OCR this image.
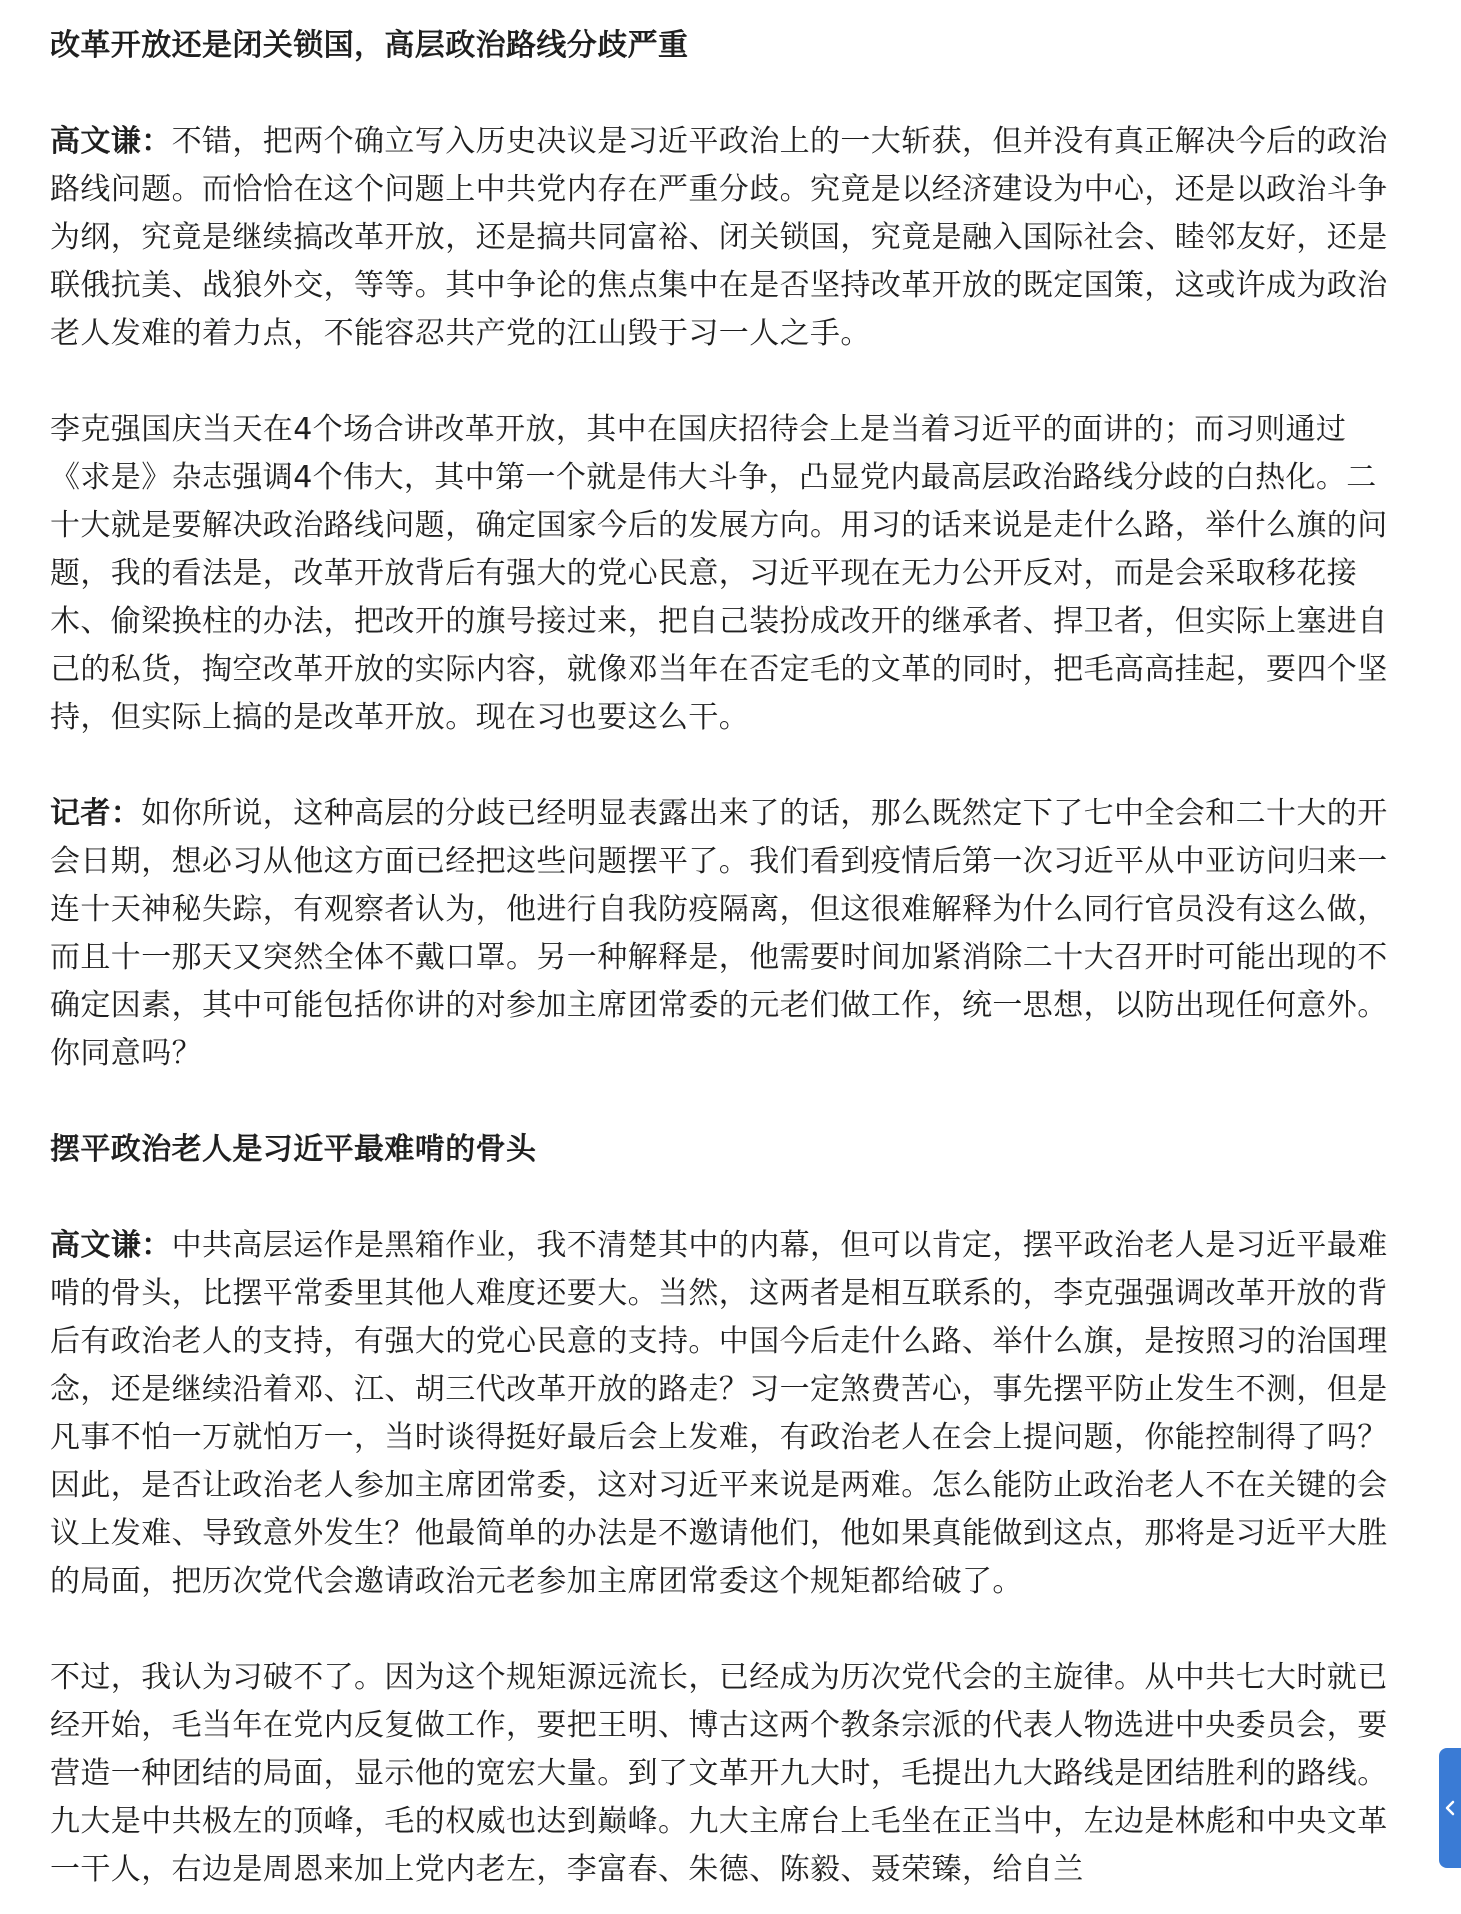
改革开放还是闭关锁国，高层政治路线分歧严重

高文谦：不错，把两个确立写入历史决议是习近平政治上的一大斩获，但并没有真正解决今后的政治路线问题。而恰恰在这个问题上中共党内存在严重分歧。究竟是以经济建设为中心，还是以政治斗争为纲，究竟是继续搞改革开放，还是搞共同富裕、闭关锁国，究竟是融入国际社会、睦邻友好，还是联俄抗美、战狼外交，等等。其中争论的焦点集中在是否坚持改革开放的既定国策，这或许成为政治老人发难的着力点，不能容忍共产党的江山毁于习一人之手。

李克强国庆当天在4个场合讲改革开放，其中在国庆招待会上是当着习近平的面讲的；而习则通过《求是》杂志强调4个伟大，其中第一个就是伟大斗争，凸显党内最高层政治路线分歧的白热化。二十大就是要解决政治路线问题，确定国家今后的发展方向。用习的话来说是走什么路，举什么旗的问题，我的看法是，改革开放背后有强大的党心民意，习近平现在无力公开反对，而是会采取移花接木、偷梁换柱的办法，把改开的旗号接过来，把自己装扮成改开的继承者、捍卫者，但实际上塞进自己的私货，掏空改革开放的实际内容，就像邓当年在否定毛的文革的同时，把毛高高挂起，要四个坚持，但实际上搞的是改革开放。现在习也要这么干。

记者：如你所说，这种高层的分歧已经明显表露出来了的话，那么既然定下了七中全会和二十大的开会日期，想必习从他这方面已经把这些问题摆平了。我们看到疫情后第一次习近平从中亚访问归来一连十天神秘失踪，有观察者认为，他进行自我防疫隔离，但这很难解释为什么同行官员没有这么做，而且十一那天又突然全体不戴口罩。另一种解释是，他需要时间加紧消除二十大召开时可能出现的不确定因素，其中可能包括你讲的对参加主席团常委的元老们做工作，统一思想，以防出现任何意外。你同意吗？

摆平政治老人是习近平最难啃的骨头

高文谦：中共高层运作是黑箱作业，我不清楚其中的内幕，但可以肯定，摆平政治老人是习近平最难啃的骨头，比摆平常委里其他人难度还要大。当然，这两者是相互联系的，李克强强调改革开放的背后有政治老人的支持，有强大的党心民意的支持。中国今后走什么路、举什么旗，是按照习的治国理念，还是继续沿着邓、江、胡三代改革开放的路走？习一定煞费苦心，事先摆平防止发生不测，但是凡事不怕一万就怕万一，当时谈得挺好最后会上发难，有政治老人在会上提问题，你能控制得了吗？因此，是否让政治老人参加主席团常委，这对习近平来说是两难。怎么能防止政治老人不在关键的会议上发难、导致意外发生？他最简单的办法是不邀请他们，他如果真能做到这点，那将是习近平大胜的局面，把历次党代会邀请政治元老参加主席团常委这个规矩都给破了。

不过，我认为习破不了。因为这个规矩源远流长，已经成为历次党代会的主旋律。从中共七大时就已经开始，毛当年在党内反复做工作，要把王明、博古这两个教条宗派的代表人物选进中央委员会，要营造一种团结的局面，显示他的宽宏大量。到了文革开九大时，毛提出九大路线是团结胜利的路线。九大是中共极左的顶峰，毛的权威也达到巅峰。九大主席台上毛坐在正当中，左边是林彪和中央文革一干人，右边是周恩来加上党内老左，李富春、朱德、陈毅、聂荣臻，给自兰
